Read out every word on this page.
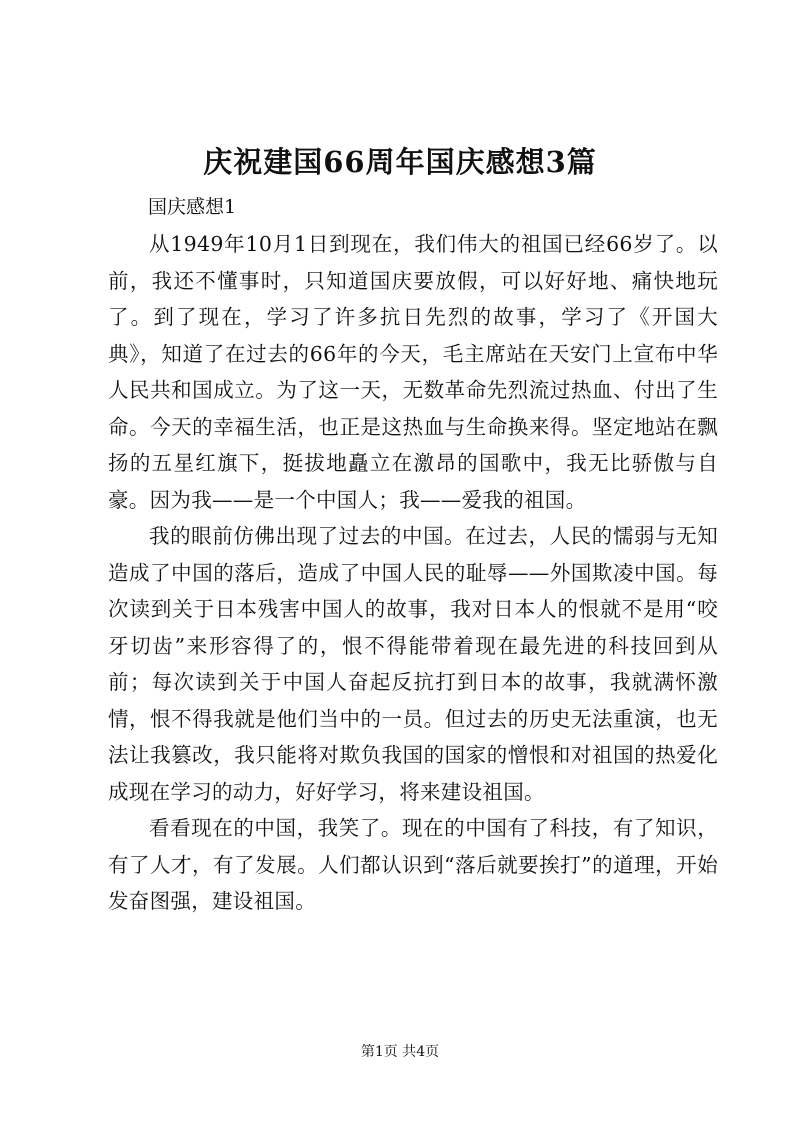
庆祝建国66周年国庆感想3篇

国庆感想1

从1949年10月1日到现在，我们伟大的祖国已经66岁了。以前，我还不懂事时，只知道国庆要放假，可以好好地、痛快地玩了。到了现在，学习了许多抗日先烈的故事，学习了《开国大典》，知道了在过去的66年的今天，毛主席站在天安门上宣布中华人民共和国成立。为了这一天，无数革命先烈流过热血、付出了生命。今天的幸福生活，也正是这热血与生命换来得。坚定地站在飘扬的五星红旗下，挺拔地矗立在激昂的国歌中，我无比骄傲与自豪。因为我——是一个中国人；我——爱我的祖国。

我的眼前仿佛出现了过去的中国。在过去，人民的懦弱与无知造成了中国的落后，造成了中国人民的耻辱——外国欺凌中国。每次读到关于日本残害中国人的故事，我对日本人的恨就不是用“咬牙切齿”来形容得了的，恨不得能带着现在最先进的科技回到从前；每次读到关于中国人奋起反抗打到日本的故事，我就满怀激情，恨不得我就是他们当中的一员。但过去的历史无法重演，也无法让我篡改，我只能将对欺负我国的国家的憎恨和对祖国的热爱化成现在学习的动力，好好学习，将来建设祖国。

看看现在的中国，我笑了。现在的中国有了科技，有了知识，有了人才，有了发展。人们都认识到“落后就要挨打”的道理，开始发奋图强，建设祖国。

第1页 共4页
